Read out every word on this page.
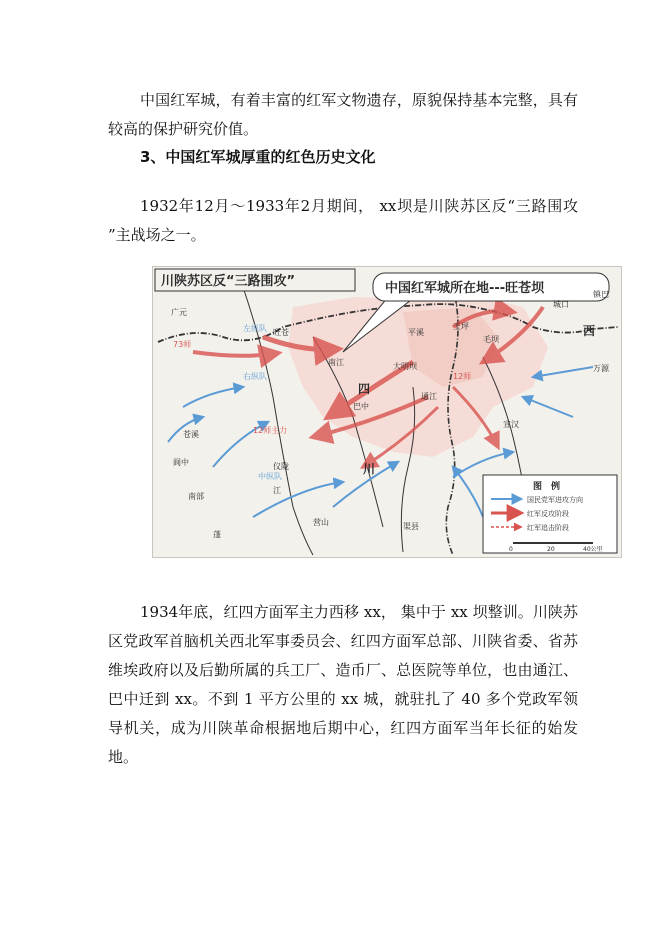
中国红军城，有着丰富的红军文物遗存，原貌保持基本完整，具有较高的保护研究价值。

3、中国红军城厚重的红色历史文化

1932年12月～1933年2月期间， xx坝是川陕苏区反“三路围攻 ”主战场之一。

川陕苏区反“三路围攻”	中国红军城所在地---旺苍坝
广元
旺苍
南江
通江
巴中
万源
苍溪
阆中
南部
仪陇
营山	渠县
宣汉
城口
镇巴
平溪
大明坝
王坪
毛坝
西
四
川
江
蓬
73师
12师
12师主力
左纵队
右纵队
中纵队
图　例
国民党军进攻方向
红军反攻阶段
红军追击阶段
0	20	40公里

1934年底，红四方面军主力西移 xx， 集中于 xx 坝整训。川陕苏区党政军首脑机关西北军事委员会、红四方面军总部、川陕省委、省苏维埃政府以及后勤所属的兵工厂、造币厂、总医院等单位，也由通江、巴中迁到 xx。不到 1 平方公里的 xx 城，就驻扎了 40 多个党政军领导机关，成为川陕革命根据地后期中心，红四方面军当年长征的始发地。
